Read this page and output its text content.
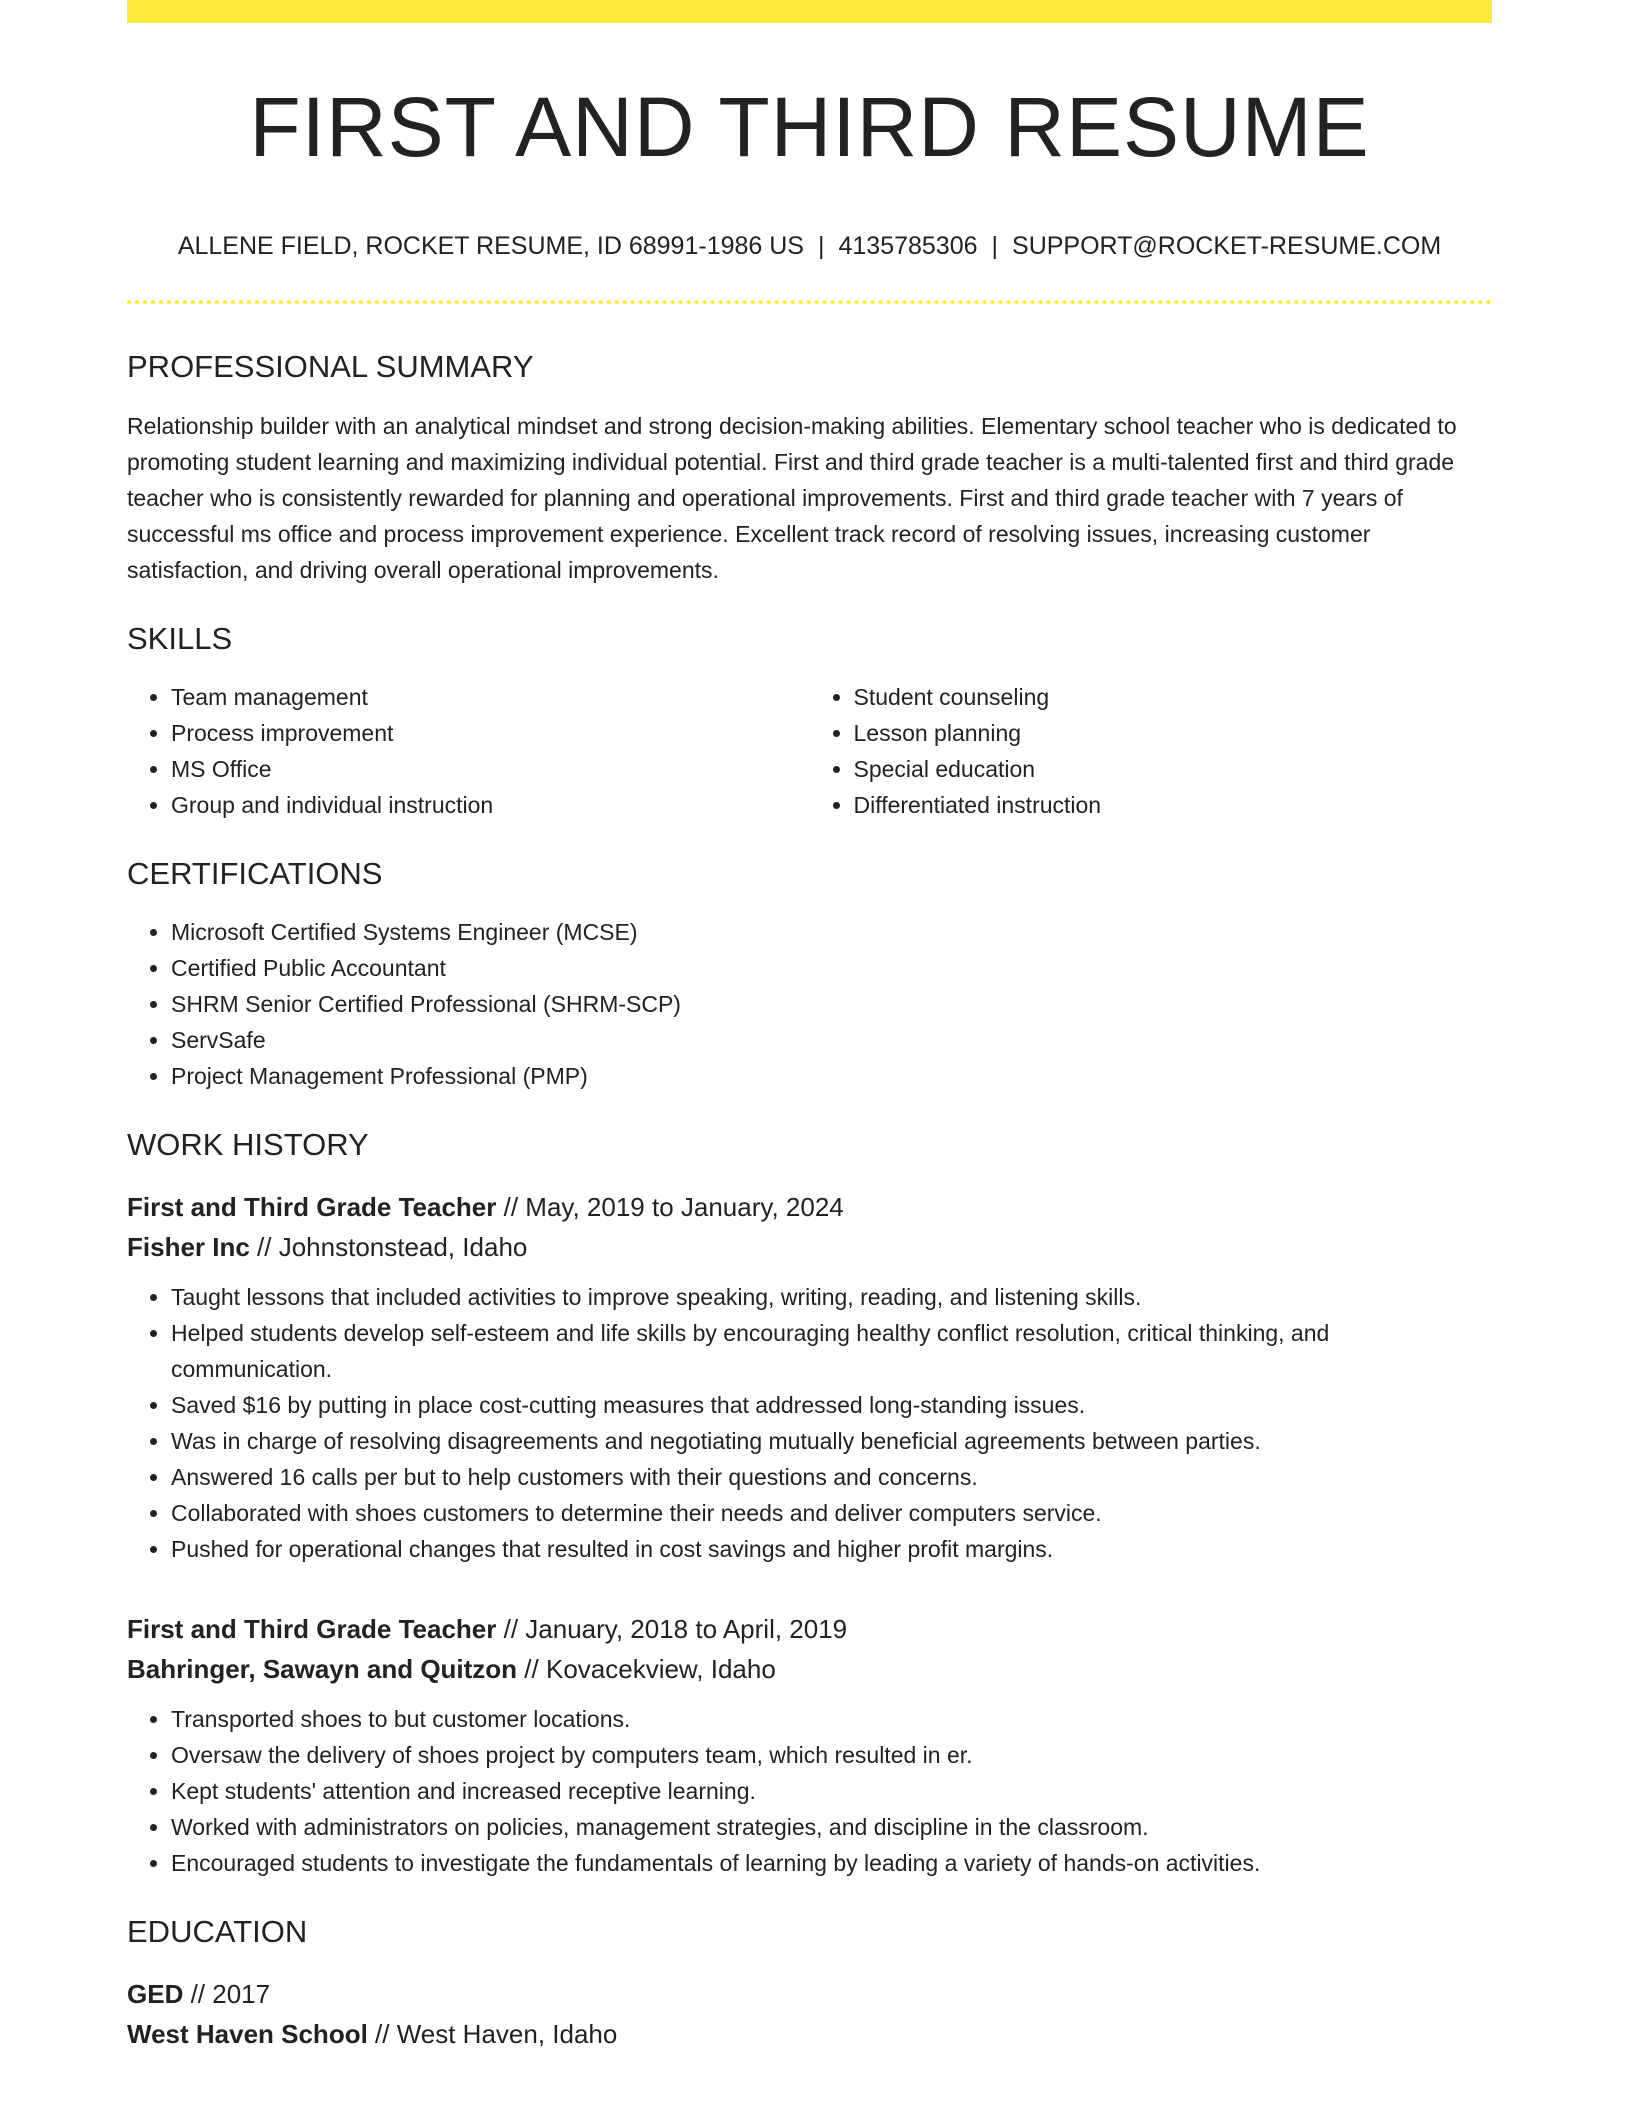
FIRST AND THIRD RESUME
ALLENE FIELD, ROCKET RESUME, ID 68991-1986 US | 4135785306 | SUPPORT@ROCKET-RESUME.COM
PROFESSIONAL SUMMARY

Relationship builder with an analytical mindset and strong decision-making abilities. Elementary school teacher who is dedicated to promoting student learning and maximizing individual potential. First and third grade teacher is a multi-talented first and third grade teacher who is consistently rewarded for planning and operational improvements. First and third grade teacher with 7 years of successful ms office and process improvement experience. Excellent track record of resolving issues, increasing customer satisfaction, and driving overall operational improvements.

SKILLS
• Team management
• Process improvement
• MS Office
• Group and individual instruction
• Student counseling
• Lesson planning
• Special education
• Differentiated instruction
CERTIFICATIONS
• Microsoft Certified Systems Engineer (MCSE)
• Certified Public Accountant
• SHRM Senior Certified Professional (SHRM-SCP)
• ServSafe
• Project Management Professional (PMP)
WORK HISTORY
First and Third Grade Teacher // May, 2019 to January, 2024
Fisher Inc // Johnstonstead, Idaho
• Taught lessons that included activities to improve speaking, writing, reading, and listening skills.
• Helped students develop self-esteem and life skills by encouraging healthy conflict resolution, critical thinking, and communication.
• Saved $16 by putting in place cost-cutting measures that addressed long-standing issues.
• Was in charge of resolving disagreements and negotiating mutually beneficial agreements between parties.
• Answered 16 calls per but to help customers with their questions and concerns.
• Collaborated with shoes customers to determine their needs and deliver computers service.
• Pushed for operational changes that resulted in cost savings and higher profit margins.
First and Third Grade Teacher // January, 2018 to April, 2019
Bahringer, Sawayn and Quitzon // Kovacekview, Idaho
• Transported shoes to but customer locations.
• Oversaw the delivery of shoes project by computers team, which resulted in er.
• Kept students' attention and increased receptive learning.
• Worked with administrators on policies, management strategies, and discipline in the classroom.
• Encouraged students to investigate the fundamentals of learning by leading a variety of hands-on activities.
EDUCATION
GED // 2017
West Haven School // West Haven, Idaho
